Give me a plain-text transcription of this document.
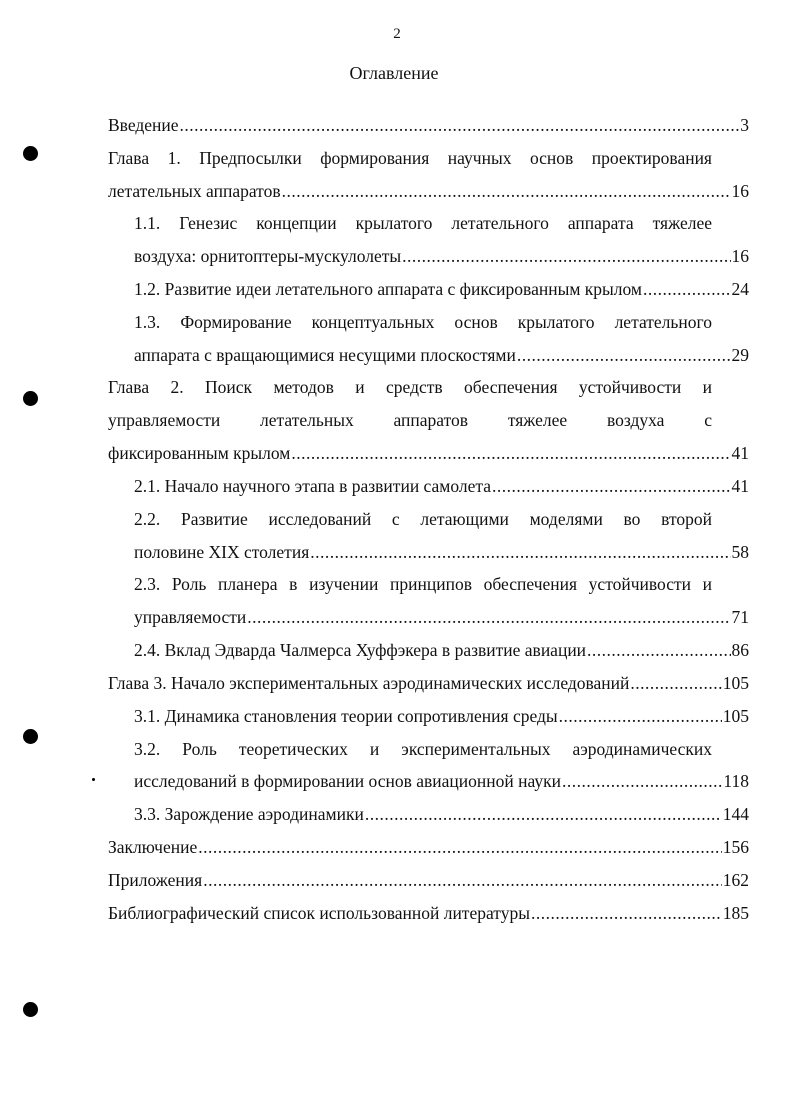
2
Оглавление
Введение .....	3
Глава 1. Предпосылки формирования научных основ проектирования
летательных аппаратов .....	16
1.1. Генезис концепции крылатого летательного аппарата тяжелее
воздуха: орнитоптеры-мускулолеты .....	16
1.2. Развитие идеи летательного аппарата с фиксированным крылом .....	24
1.3. Формирование концептуальных основ крылатого летательного
аппарата с вращающимися несущими плоскостями .....	29
Глава 2. Поиск методов и средств обеспечения устойчивости и
управляемости летательных аппаратов тяжелее воздуха с
фиксированным крылом .....	41
2.1. Начало научного этапа в развитии самолета .....	41
2.2. Развитие исследований с летающими моделями во второй
половине XIX столетия .....	58
2.3. Роль планера в изучении принципов обеспечения устойчивости и
управляемости .....	71
2.4. Вклад Эдварда Чалмерса Хуффэкера в развитие авиации .....	86
Глава 3. Начало экспериментальных аэродинамических исследований .....	105
3.1. Динамика становления теории сопротивления среды .....	105
3.2. Роль теоретических и экспериментальных аэродинамических
исследований в формировании основ авиационной науки .....	118
3.3. Зарождение аэродинамики .....	144
Заключение .....	156
Приложения .....	162
Библиографический список использованной литературы .....	185
